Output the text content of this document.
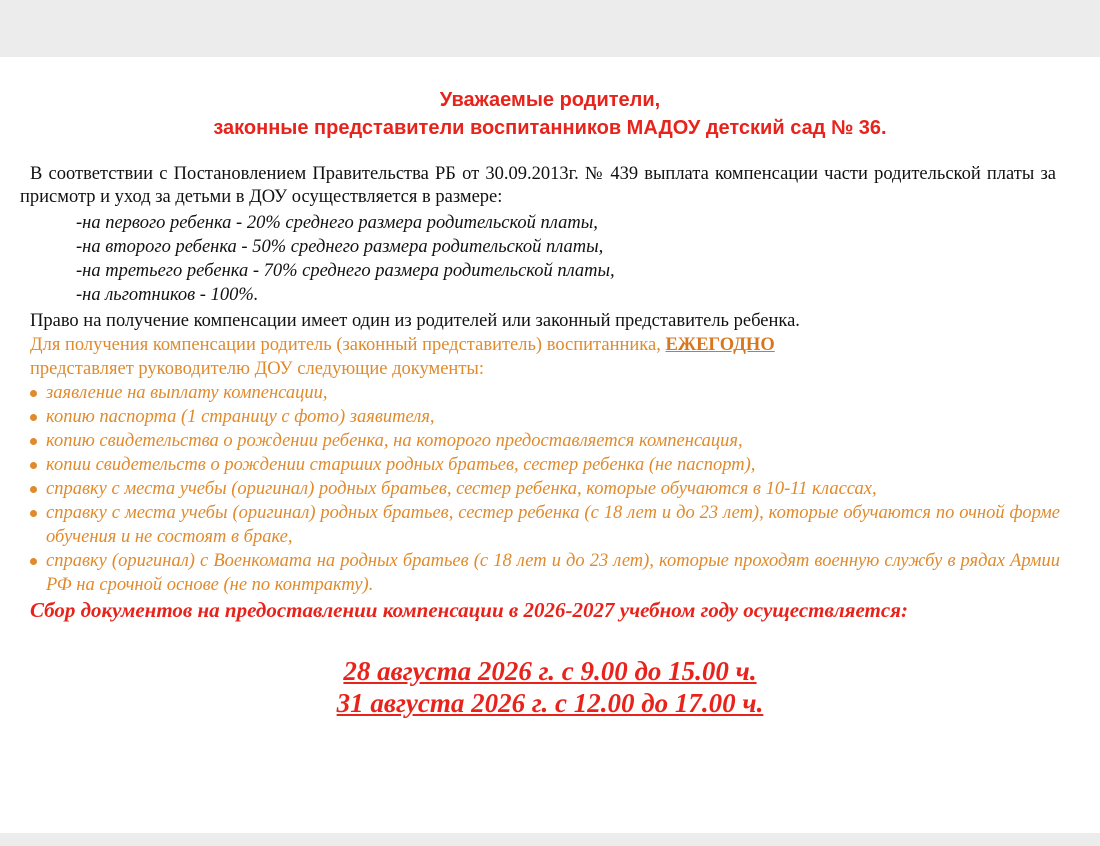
Уважаемые родители,
законные представители воспитанников МАДОУ детский сад № 36.
В соответствии с Постановлением Правительства РБ от 30.09.2013г. № 439 выплата компенсации части родительской платы за присмотр и уход за детьми в ДОУ осуществляется в размере:
-на первого ребенка - 20% среднего размера родительской платы,
-на второго ребенка - 50% среднего размера родительской платы,
-на третьего ребенка - 70% среднего размера родительской платы,
-на льготников - 100%.
Право на получение компенсации имеет один из родителей или законный представитель ребенка.
Для получения компенсации родитель (законный представитель) воспитанника, ЕЖЕГОДНО
представляет руководителю ДОУ следующие документы:
заявление на выплату компенсации,
копию паспорта (1 страницу с фото) заявителя,
копию свидетельства о рождении ребенка, на которого предоставляется компенсация,
копии свидетельств о рождении старших родных братьев, сестер ребенка (не паспорт),
справку с места учебы (оригинал) родных братьев, сестер ребенка, которые обучаются в 10-11 классах,
справку с места учебы (оригинал) родных братьев, сестер ребенка (с 18 лет и до 23 лет), которые обучаются по очной форме обучения и не состоят в браке,
справку (оригинал) с Военкомата на родных братьев (с 18 лет и до 23 лет), которые проходят военную службу в рядах Армии РФ на срочной основе (не по контракту).
Сбор документов на предоставлении компенсации в 2026-2027 учебном году осуществляется:
28 августа 2026 г. с 9.00 до 15.00 ч.
31 августа 2026 г. с 12.00 до 17.00 ч.
